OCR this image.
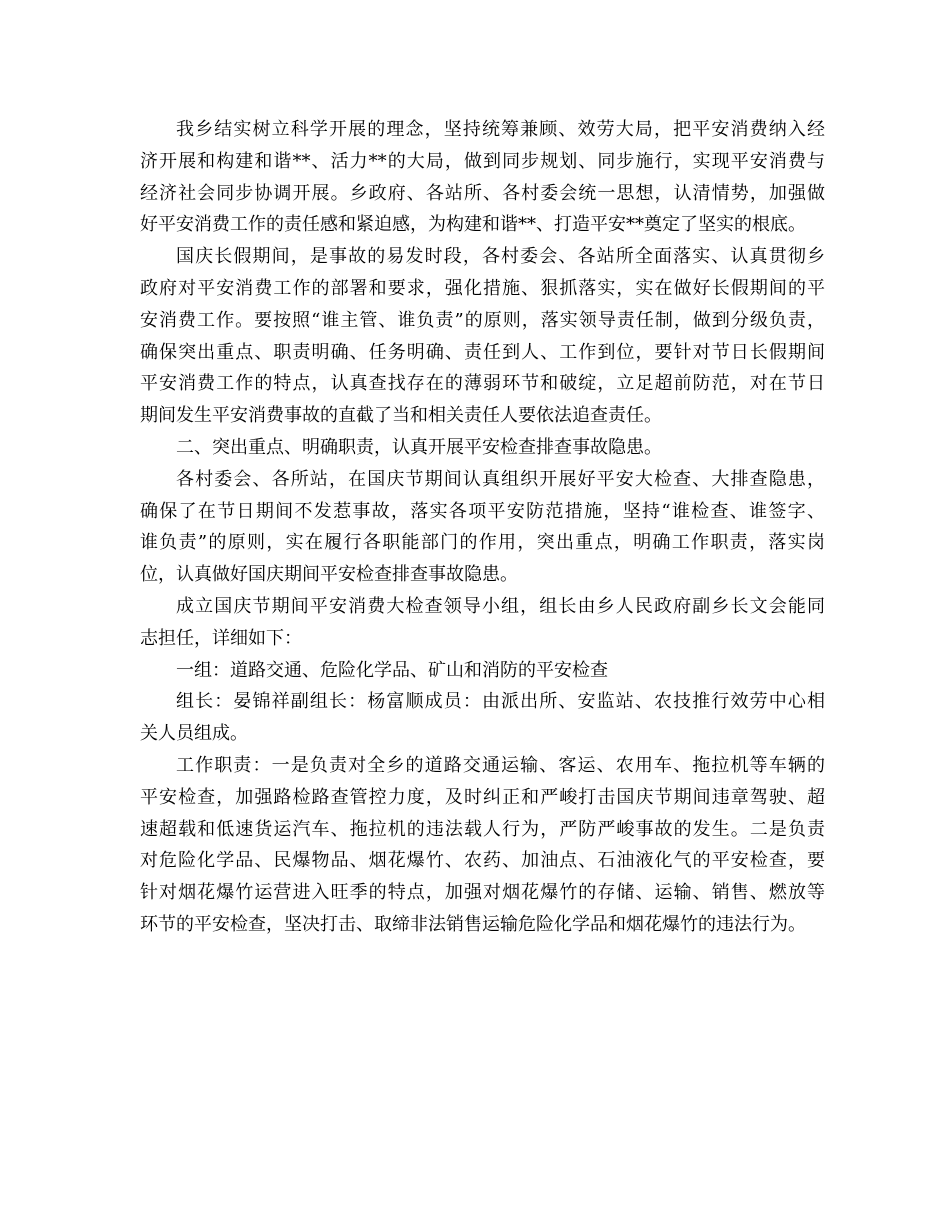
我乡结实树立科学开展的理念，坚持统筹兼顾、效劳大局，把平安消费纳入经
济开展和构建和谐**、活力**的大局，做到同步规划、同步施行，实现平安消费与
经济社会同步协调开展。乡政府、各站所、各村委会统一思想，认清情势，加强做
好平安消费工作的责任感和紧迫感，为构建和谐**、打造平安**奠定了坚实的根底。
国庆长假期间，是事故的易发时段，各村委会、各站所全面落实、认真贯彻乡
政府对平安消费工作的部署和要求，强化措施、狠抓落实，实在做好长假期间的平
安消费工作。要按照“谁主管、谁负责”的原则，落实领导责任制，做到分级负责，
确保突出重点、职责明确、任务明确、责任到人、工作到位，要针对节日长假期间
平安消费工作的特点，认真查找存在的薄弱环节和破绽，立足超前防范，对在节日
期间发生平安消费事故的直截了当和相关责任人要依法追查责任。
二、突出重点、明确职责，认真开展平安检查排查事故隐患。
各村委会、各所站，在国庆节期间认真组织开展好平安大检查、大排查隐患，
确保了在节日期间不发惹事故，落实各项平安防范措施，坚持“谁检查、谁签字、
谁负责”的原则，实在履行各职能部门的作用，突出重点，明确工作职责，落实岗
位，认真做好国庆期间平安检查排查事故隐患。
成立国庆节期间平安消费大检查领导小组，组长由乡人民政府副乡长文会能同
志担任，详细如下：
一组：道路交通、危险化学品、矿山和消防的平安检查
组长：晏锦祥副组长：杨富顺成员：由派出所、安监站、农技推行效劳中心相
关人员组成。
工作职责：一是负责对全乡的道路交通运输、客运、农用车、拖拉机等车辆的
平安检查，加强路检路查管控力度，及时纠正和严峻打击国庆节期间违章驾驶、超
速超载和低速货运汽车、拖拉机的违法载人行为，严防严峻事故的发生。二是负责
对危险化学品、民爆物品、烟花爆竹、农药、加油点、石油液化气的平安检查，要
针对烟花爆竹运营进入旺季的特点，加强对烟花爆竹的存储、运输、销售、燃放等
环节的平安检查，坚决打击、取缔非法销售运输危险化学品和烟花爆竹的违法行为。
